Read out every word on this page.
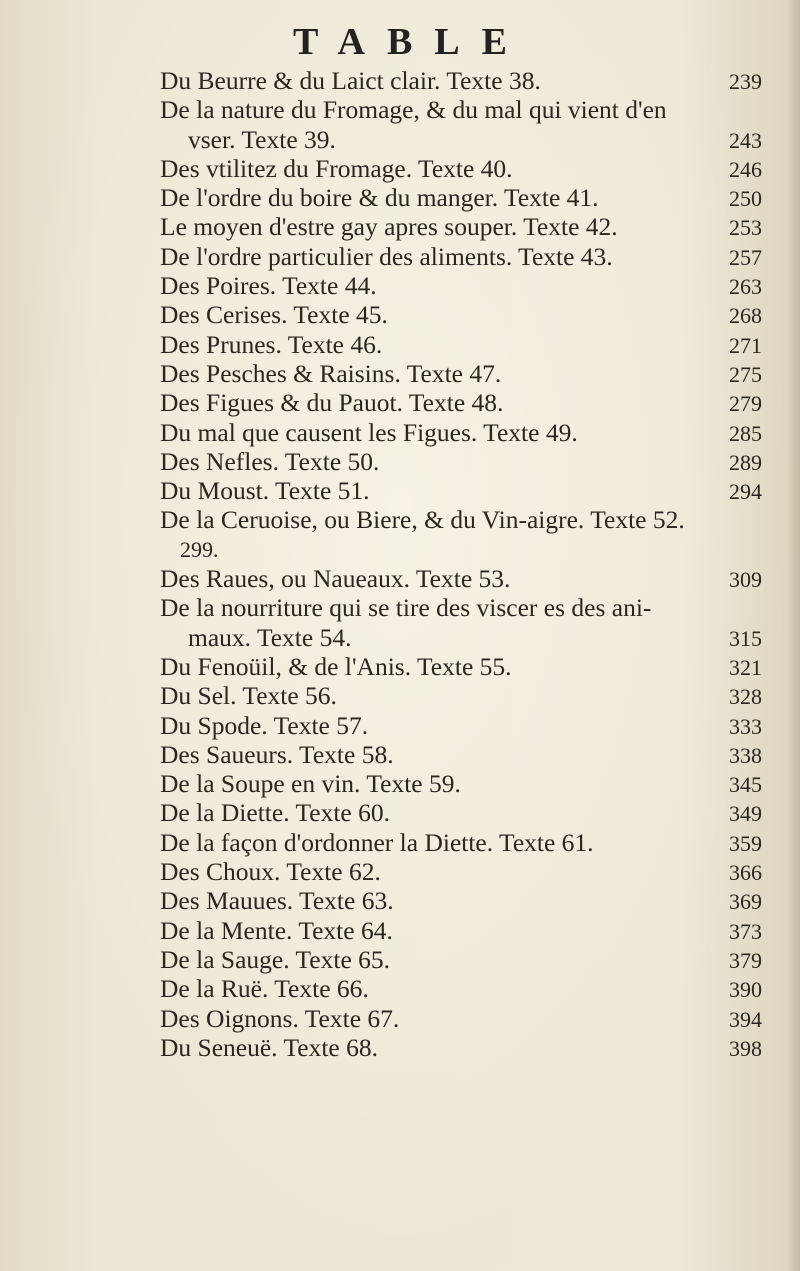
TABLE
Du Beurre & du Laict clair. Texte 38.	239
De la nature du Fromage, & du mal qui vient d'en
vser. Texte 39.	243
Des vtilitez du Fromage. Texte 40.	246
De l'ordre du boire & du manger. Texte 41.	250
Le moyen d'estre gay apres souper. Texte 42.	253
De l'ordre particulier des aliments. Texte 43.	257
Des Poires. Texte 44.	263
Des Cerises. Texte 45.	268
Des Prunes. Texte 46.	271
Des Pesches & Raisins. Texte 47.	275
Des Figues & du Pauot. Texte 48.	279
Du mal que causent les Figues. Texte 49.	285
Des Nefles. Texte 50.	289
Du Moust. Texte 51.	294
De la Ceruoise, ou Biere, & du Vin-aigre. Texte 52.
299.
Des Raues, ou Naueaux. Texte 53.	309
De la nourriture qui se tire des viscer es des ani-
maux. Texte 54.	315
Du Fenoüil, & de l'Anis. Texte 55.	321
Du Sel. Texte 56.	328
Du Spode. Texte 57.	333
Des Saueurs. Texte 58.	338
De la Soupe en vin. Texte 59.	345
De la Diette. Texte 60.	349
De la façon d'ordonner la Diette. Texte 61.	359
Des Choux. Texte 62.	366
Des Mauues. Texte 63.	369
De la Mente. Texte 64.	373
De la Sauge. Texte 65.	379
De la Ruë. Texte 66.	390
Des Oignons. Texte 67.	394
Du Seneuë. Texte 68.	398
